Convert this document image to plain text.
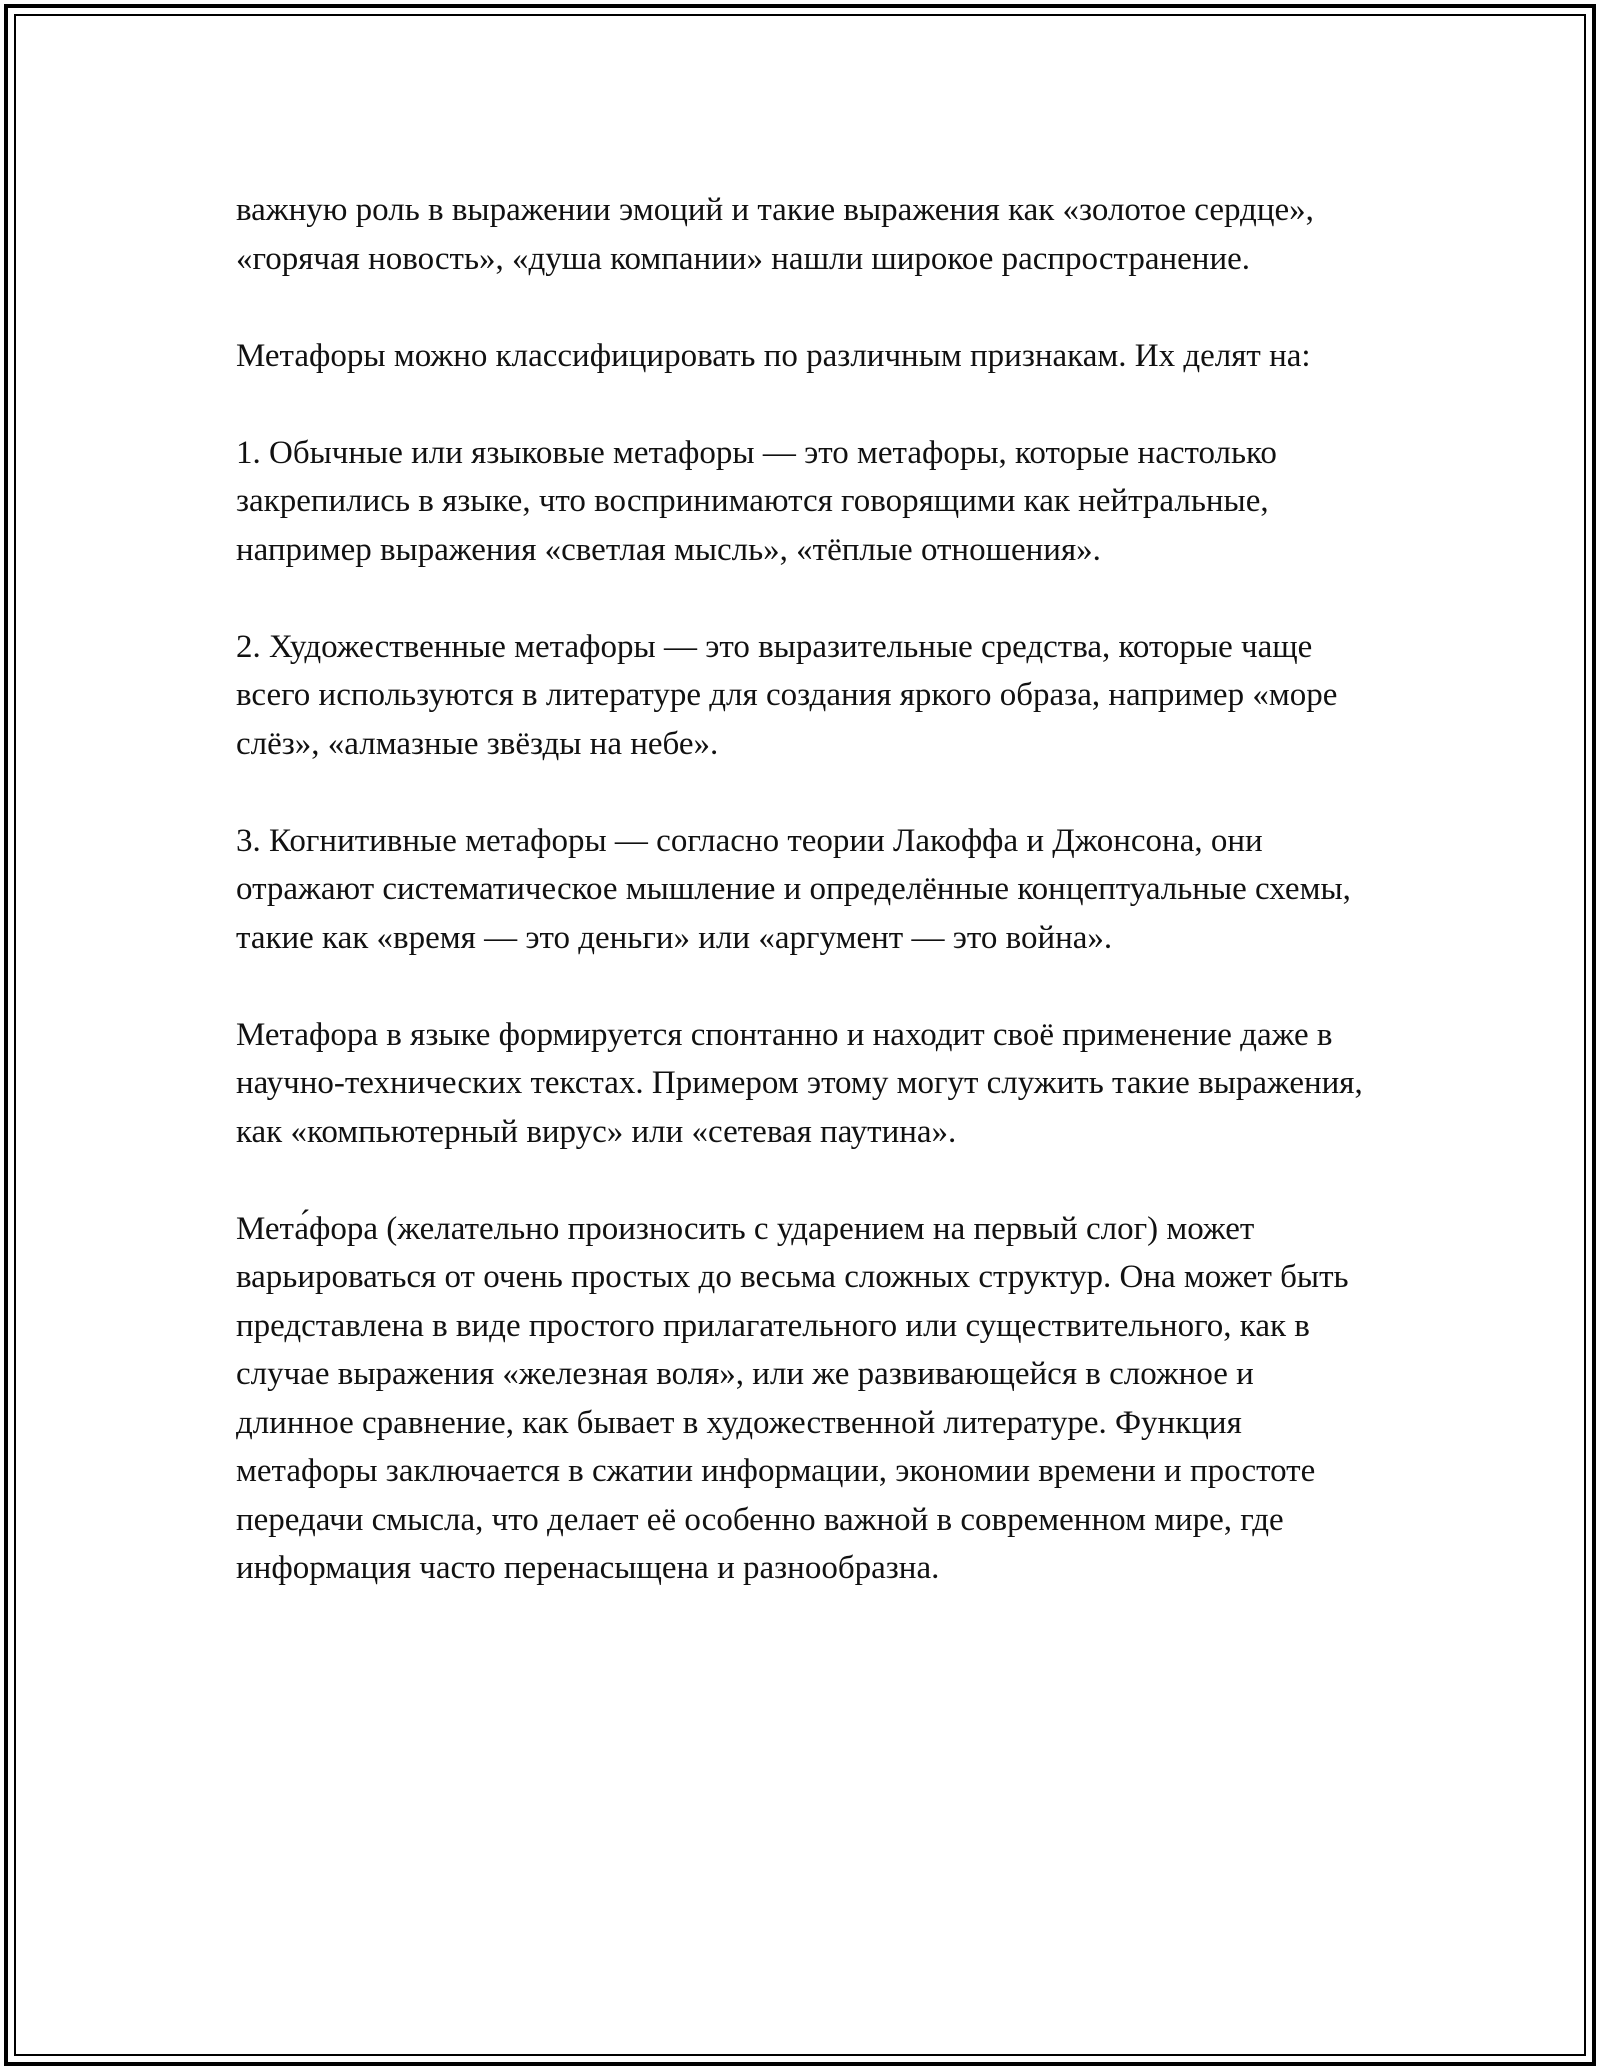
важную роль в выражении эмоций и такие выражения как «золотое сердце», «горячая новость», «душа компании» нашли широкое распространение.

Метафоры можно классифицировать по различным признакам. Их делят на:

1. Обычные или языковые метафоры — это метафоры, которые настолько закрепились в языке, что воспринимаются говорящими как нейтральные, например выражения «светлая мысль», «тёплые отношения».

2. Художественные метафоры — это выразительные средства, которые чаще всего используются в литературе для создания яркого образа, например «море слёз», «алмазные звёзды на небе».

3. Когнитивные метафоры — согласно теории Лакоффа и Джонсона, они отражают систематическое мышление и определённые концептуальные схемы, такие как «время — это деньги» или «аргумент — это война».

Метафора в языке формируется спонтанно и находит своё применение даже в научно-технических текстах. Примером этому могут служить такие выражения, как «компьютерный вирус» или «сетевая паутина».

Мета́фора (желательно произносить с ударением на первый слог) может варьироваться от очень простых до весьма сложных структур. Она может быть представлена в виде простого прилагательного или существительного, как в случае выражения «железная воля», или же развивающейся в сложное и длинное сравнение, как бывает в художественной литературе. Функция метафоры заключается в сжатии информации, экономии времени и простоте передачи смысла, что делает её особенно важной в современном мире, где информация часто перенасыщена и разнообразна.
